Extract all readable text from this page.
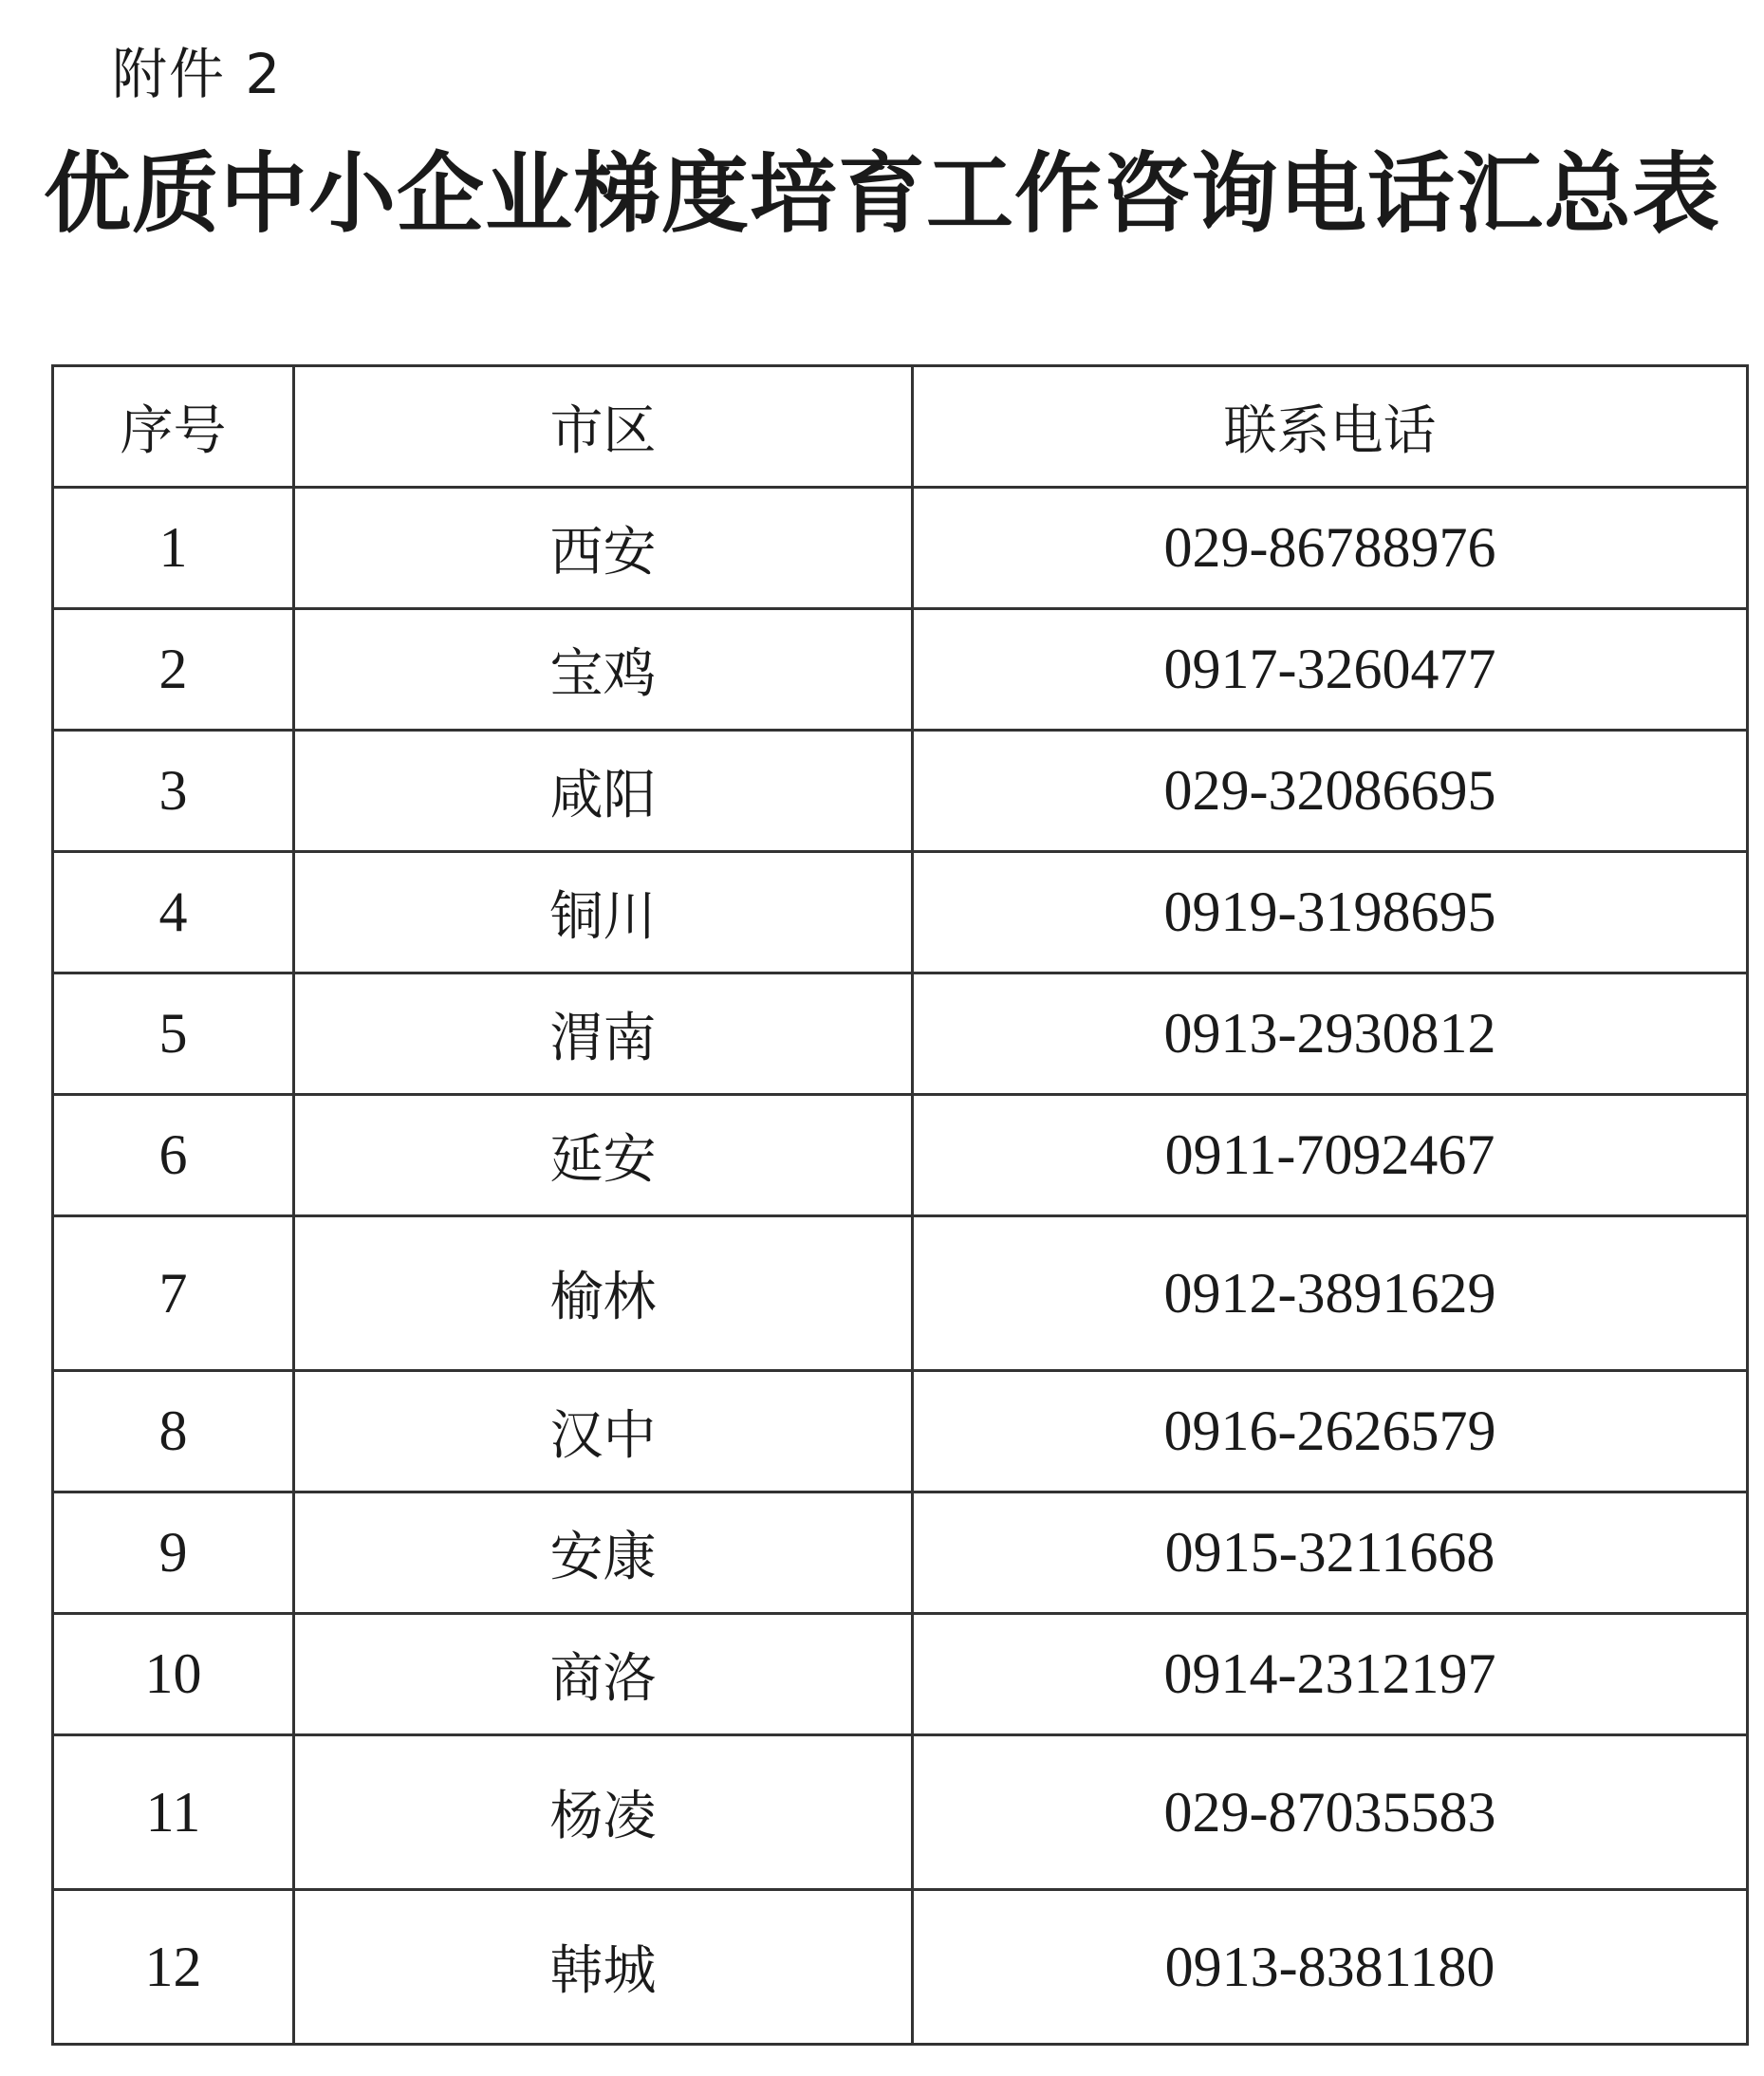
附件 2
优质中小企业梯度培育工作咨询电话汇总表
序号	市区	联系电话
1	西安	029-86788976
2	宝鸡	0917-3260477
3	咸阳	029-32086695
4	铜川	0919-3198695
5	渭南	0913-2930812
6	延安	0911-7092467
7	榆林	0912-3891629
8	汉中	0916-2626579
9	安康	0915-3211668
10	商洛	0914-2312197
11	杨凌	029-87035583
12	韩城	0913-8381180
